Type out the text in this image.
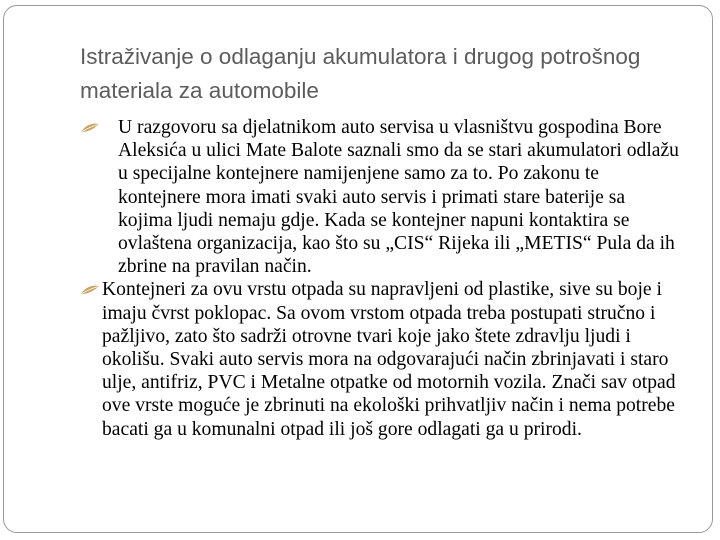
Istraživanje o odlaganju akumulatora i drugog potrošnog materiala za automobile
U razgovoru sa djelatnikom auto servisa u vlasništvu gospodina Bore Aleksića u ulici Mate Balote saznali smo da se stari akumulatori odlažu u specijalne kontejnere namijenjene samo za to. Po zakonu te kontejnere mora imati svaki auto servis i primati stare baterije sa kojima ljudi nemaju gdje. Kada se kontejner napuni kontaktira se ovlaštena organizacija, kao što su „CIS“ Rijeka ili „METIS“ Pula da ih zbrine na pravilan način.
Kontejneri za ovu vrstu otpada su napravljeni od plastike, sive su boje i imaju čvrst poklopac. Sa ovom vrstom otpada treba postupati stručno i pažljivo, zato što sadrži otrovne tvari koje jako štete zdravlju ljudi i okolišu. Svaki auto servis mora na odgovarajući način zbrinjavati i staro ulje, antifriz, PVC i Metalne otpatke od motornih vozila. Znači sav otpad ove vrste moguće je zbrinuti na ekološki prihvatljiv način i nema potrebe bacati ga u komunalni otpad ili još gore odlagati ga u prirodi.
